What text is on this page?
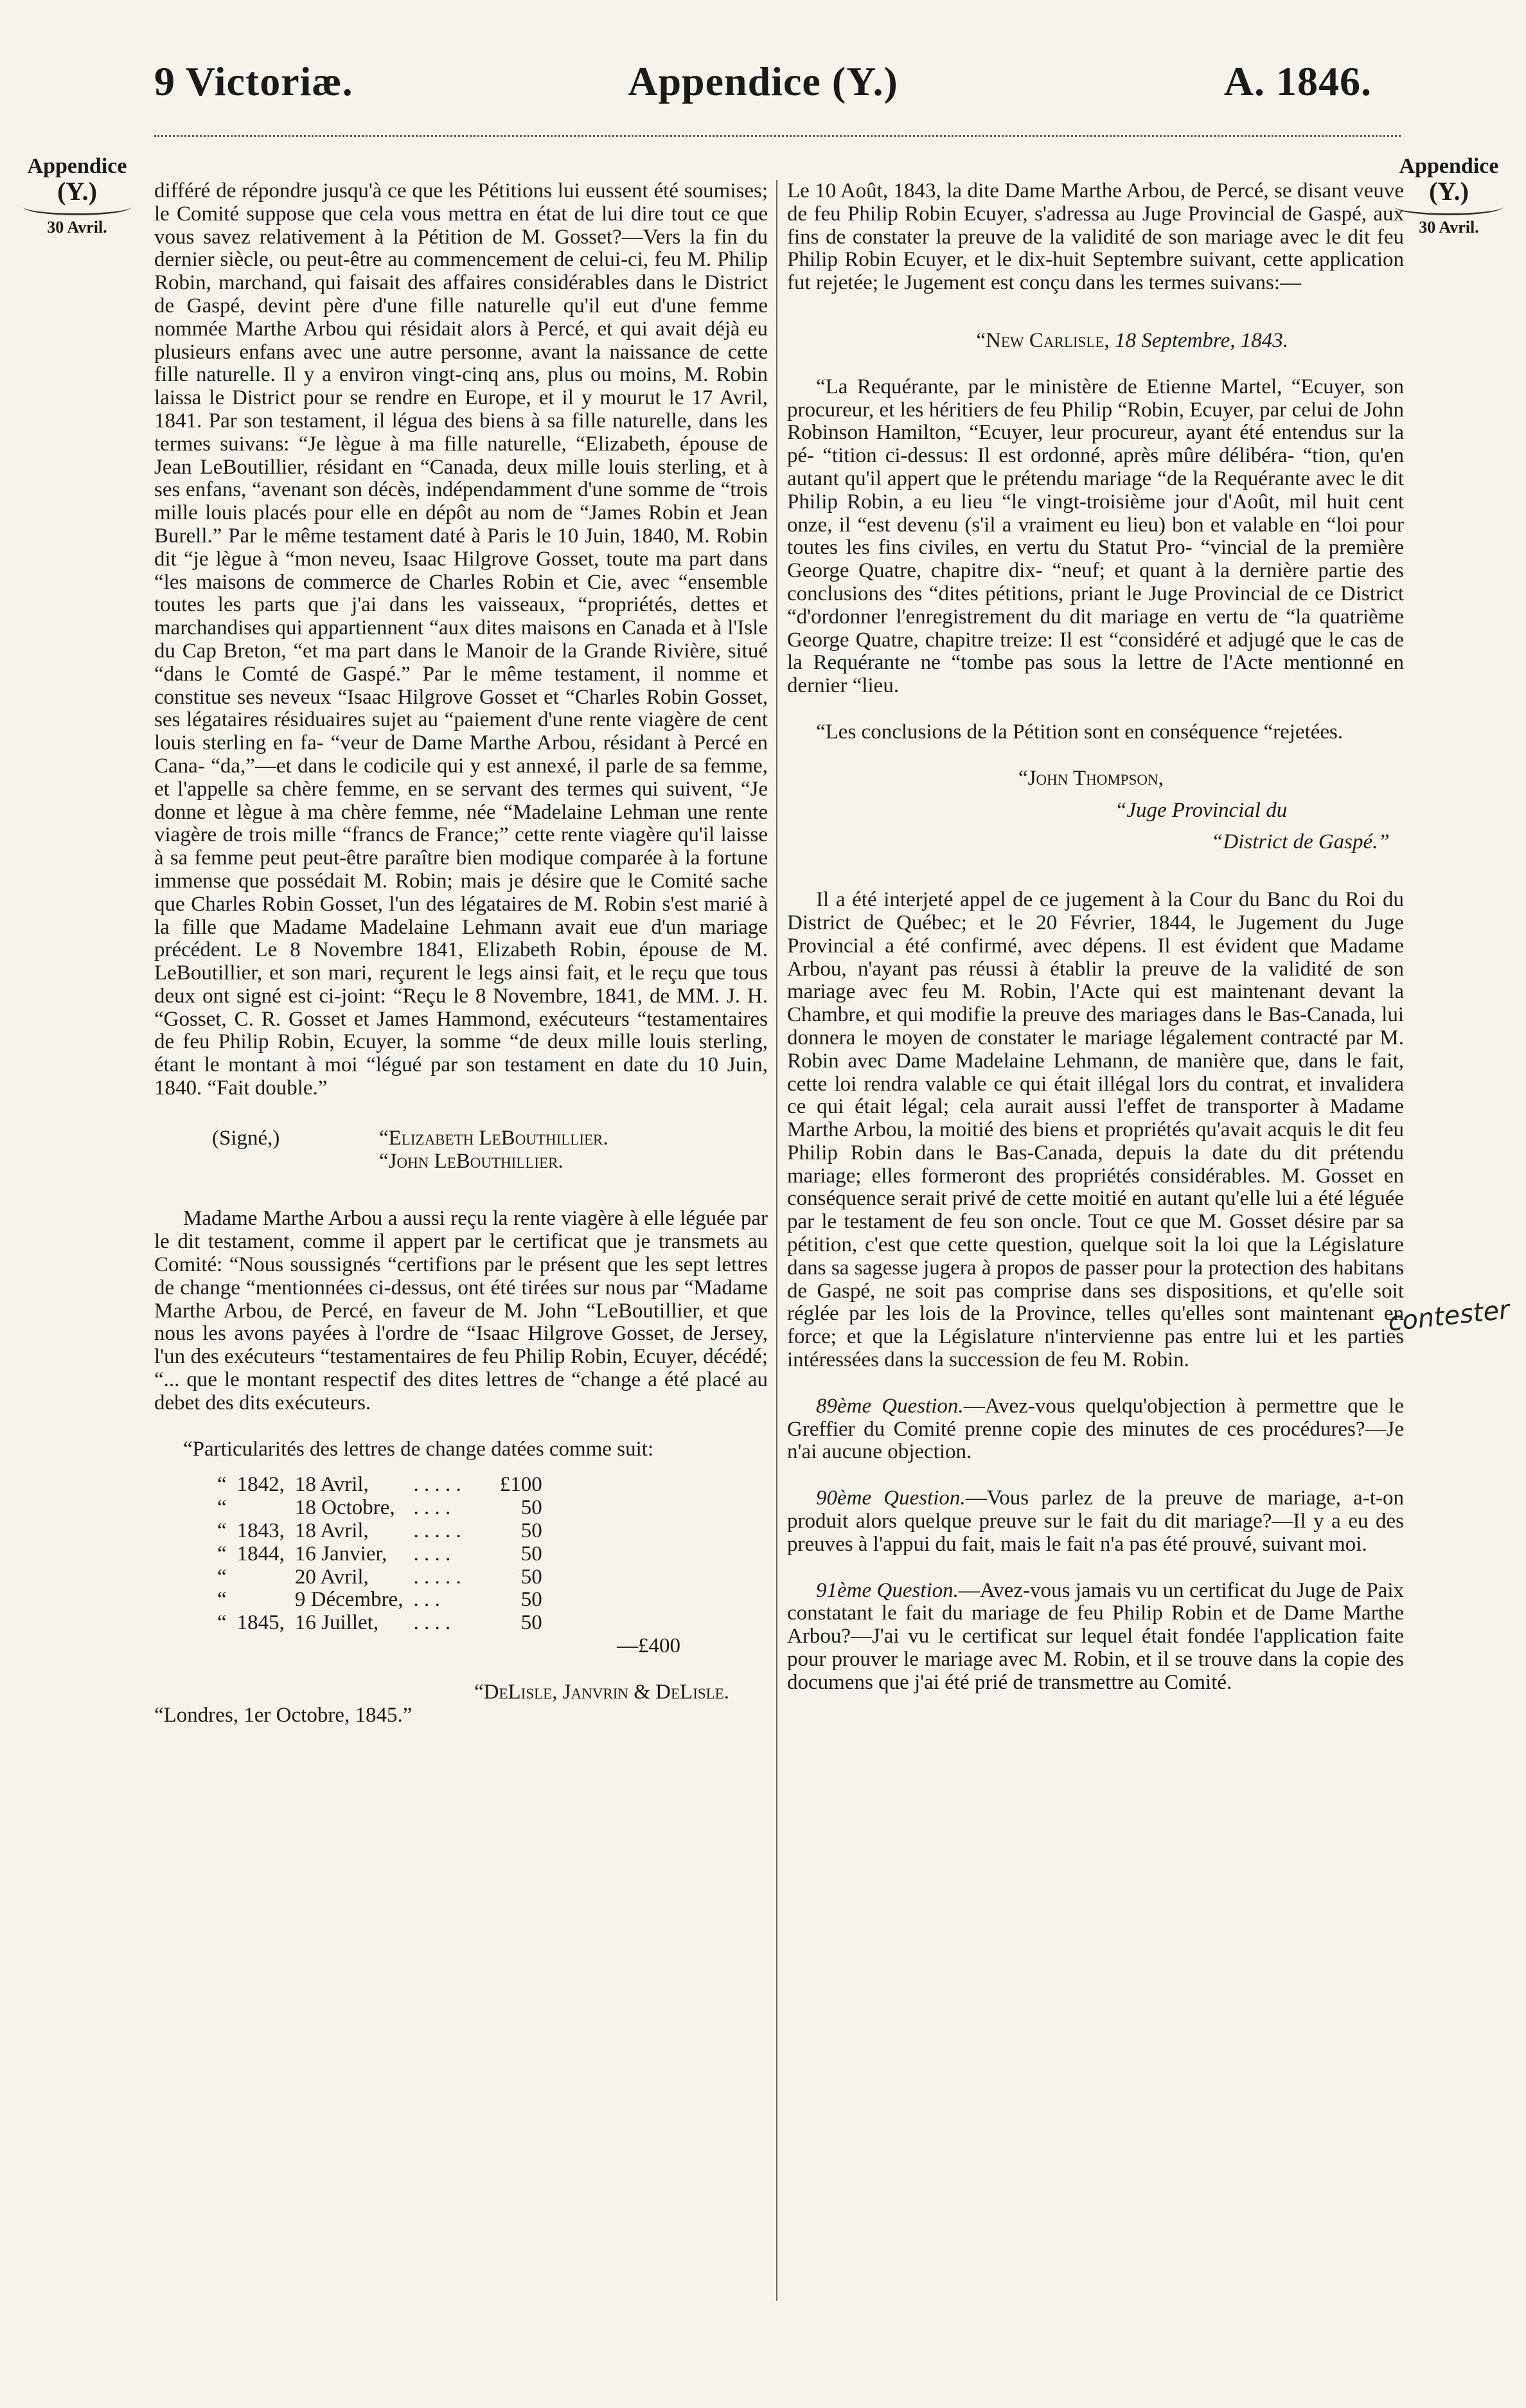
9 Victoriæ.	Appendice (Y.)	A. 1846.
Appendice
(Y.)
30 Avril.
Appendice
(Y.)
30 Avril.

différé de répondre jusqu'à ce que les Pétitions lui eussent été soumises; le Comité suppose que cela vous mettra en état de lui dire tout ce que vous savez relativement à la Pétition de M. Gosset?—Vers la fin du dernier siècle, ou peut-être au commencement de celui-ci, feu M. Philip Robin, marchand, qui faisait des affaires considérables dans le District de Gaspé, devint père d'une fille naturelle qu'il eut d'une femme nommée Marthe Arbou qui résidait alors à Percé, et qui avait déjà eu plusieurs enfans avec une autre personne, avant la naissance de cette fille naturelle. Il y a environ vingt-cinq ans, plus ou moins, M. Robin laissa le District pour se rendre en Europe, et il y mourut le 17 Avril, 1841. Par son testament, il légua des biens à sa fille naturelle, dans les termes suivans: “Je lègue à ma fille naturelle, “Elizabeth, épouse de Jean LeBoutillier, résidant en “Canada, deux mille louis sterling, et à ses enfans, “avenant son décès, indépendamment d'une somme de “trois mille louis placés pour elle en dépôt au nom de “James Robin et Jean Burell.” Par le même testament daté à Paris le 10 Juin, 1840, M. Robin dit “je lègue à “mon neveu, Isaac Hilgrove Gosset, toute ma part dans “les maisons de commerce de Charles Robin et Cie, avec “ensemble toutes les parts que j'ai dans les vaisseaux, “propriétés, dettes et marchandises qui appartiennent “aux dites maisons en Canada et à l'Isle du Cap Breton, “et ma part dans le Manoir de la Grande Rivière, situé “dans le Comté de Gaspé.” Par le même testament, il nomme et constitue ses neveux “Isaac Hilgrove Gosset et “Charles Robin Gosset, ses légataires résiduaires sujet au “paiement d'une rente viagère de cent louis sterling en fa- “veur de Dame Marthe Arbou, résidant à Percé en Cana- “da,”—et dans le codicile qui y est annexé, il parle de sa femme, et l'appelle sa chère femme, en se servant des termes qui suivent, “Je donne et lègue à ma chère femme, née “Madelaine Lehman une rente viagère de trois mille “francs de France;” cette rente viagère qu'il laisse à sa femme peut peut-être paraître bien modique comparée à la fortune immense que possédait M. Robin; mais je désire que le Comité sache que Charles Robin Gosset, l'un des légataires de M. Robin s'est marié à la fille que Madame Madelaine Lehmann avait eue d'un mariage précédent. Le 8 Novembre 1841, Elizabeth Robin, épouse de M. LeBoutillier, et son mari, reçurent le legs ainsi fait, et le reçu que tous deux ont signé est ci-joint: “Reçu le 8 Novembre, 1841, de MM. J. H. “Gosset, C. R. Gosset et James Hammond, exécuteurs “testamentaires de feu Philip Robin, Ecuyer, la somme “de deux mille louis sterling, étant le montant à moi “légué par son testament en date du 10 Juin, 1840. “Fait double.”

(Signé,)	“Elizabeth LeBouthillier.
“John LeBouthillier.

Madame Marthe Arbou a aussi reçu la rente viagère à elle léguée par le dit testament, comme il appert par le certificat que je transmets au Comité: “Nous soussignés “certifions par le présent que les sept lettres de change “mentionnées ci-dessus, ont été tirées sur nous par “Madame Marthe Arbou, de Percé, en faveur de M. John “LeBoutillier, et que nous les avons payées à l'ordre de “Isaac Hilgrove Gosset, de Jersey, l'un des exécuteurs “testamentaires de feu Philip Robin, Ecuyer, décédé; “... que le montant respectif des dites lettres de “change a été placé au debet des dits exécuteurs.

“Particularités des lettres de change datées comme suit:

“	1842,	18 Avril,	. . . . .	£100
“		18 Octobre,	. . . .	50
“	1843,	18 Avril,	. . . . .	50
“	1844,	16 Janvier,	. . . .	50
“		20 Avril,	. . . . .	50
“		9 Décembre,	. . .	50
“	1845,	16 Juillet,	. . . .	50
—£400
“DeLisle, Janvrin & DeLisle.
“Londres, 1er Octobre, 1845.”

Le 10 Août, 1843, la dite Dame Marthe Arbou, de Percé, se disant veuve de feu Philip Robin Ecuyer, s'adressa au Juge Provincial de Gaspé, aux fins de constater la preuve de la validité de son mariage avec le dit feu Philip Robin Ecuyer, et le dix-huit Septembre suivant, cette application fut rejetée; le Jugement est conçu dans les termes suivans:—

“New Carlisle, 18 Septembre, 1843.

“La Requérante, par le ministère de Etienne Martel, “Ecuyer, son procureur, et les héritiers de feu Philip “Robin, Ecuyer, par celui de John Robinson Hamilton, “Ecuyer, leur procureur, ayant été entendus sur la pé- “tition ci-dessus: Il est ordonné, après mûre délibéra- “tion, qu'en autant qu'il appert que le prétendu mariage “de la Requérante avec le dit Philip Robin, a eu lieu “le vingt-troisième jour d'Août, mil huit cent onze, il “est devenu (s'il a vraiment eu lieu) bon et valable en “loi pour toutes les fins civiles, en vertu du Statut Pro- “vincial de la première George Quatre, chapitre dix- “neuf; et quant à la dernière partie des conclusions des “dites pétitions, priant le Juge Provincial de ce District “d'ordonner l'enregistrement du dit mariage en vertu de “la quatrième George Quatre, chapitre treize: Il est “considéré et adjugé que le cas de la Requérante ne “tombe pas sous la lettre de l'Acte mentionné en dernier “lieu.

“Les conclusions de la Pétition sont en conséquence “rejetées.

“John Thompson,
“Juge Provincial du
“District de Gaspé.”

Il a été interjeté appel de ce jugement à la Cour du Banc du Roi du District de Québec; et le 20 Février, 1844, le Jugement du Juge Provincial a été confirmé, avec dépens. Il est évident que Madame Arbou, n'ayant pas réussi à établir la preuve de la validité de son mariage avec feu M. Robin, l'Acte qui est maintenant devant la Chambre, et qui modifie la preuve des mariages dans le Bas-Canada, lui donnera le moyen de constater le mariage légalement contracté par M. Robin avec Dame Madelaine Lehmann, de manière que, dans le fait, cette loi rendra valable ce qui était illégal lors du contrat, et invalidera ce qui était légal; cela aurait aussi l'effet de transporter à Madame Marthe Arbou, la moitié des biens et propriétés qu'avait acquis le dit feu Philip Robin dans le Bas-Canada, depuis la date du dit prétendu mariage; elles formeront des propriétés considérables. M. Gosset en conséquence serait privé de cette moitié en autant qu'elle lui a été léguée par le testament de feu son oncle. Tout ce que M. Gosset désire par sa pétition, c'est que cette question, quelque soit la loi que la Législature dans sa sagesse jugera à propos de passer pour la protection des habitans de Gaspé, ne soit pas comprise dans ses dispositions, et qu'elle soit réglée par les lois de la Province, telles qu'elles sont maintenant en force; et que la Législature n'intervienne pas entre lui et les parties intéressées dans la succession de feu M. Robin.

89ème Question.—Avez-vous quelqu'objection à permettre que le Greffier du Comité prenne copie des minutes de ces procédures?—Je n'ai aucune objection.

90ème Question.—Vous parlez de la preuve de mariage, a-t-on produit alors quelque preuve sur le fait du dit mariage?—Il y a eu des preuves à l'appui du fait, mais le fait n'a pas été prouvé, suivant moi.

91ème Question.—Avez-vous jamais vu un certificat du Juge de Paix constatant le fait du mariage de feu Philip Robin et de Dame Marthe Arbou?—J'ai vu le certificat sur lequel était fondée l'application faite pour prouver le mariage avec M. Robin, et il se trouve dans la copie des documens que j'ai été prié de transmettre au Comité.

contester
